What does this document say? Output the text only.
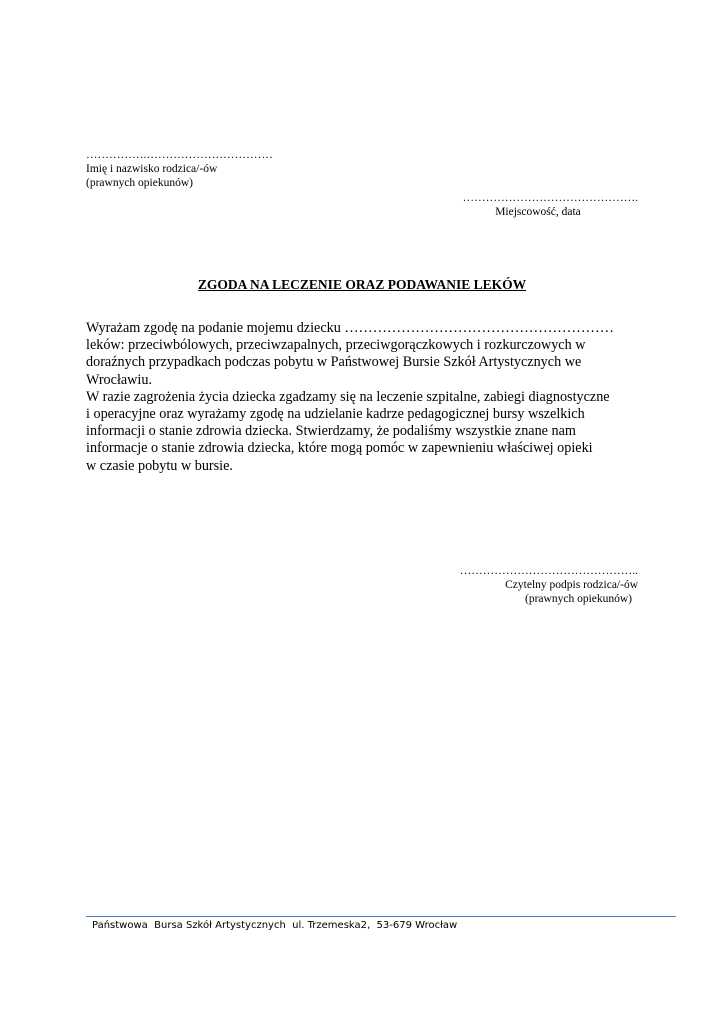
…………….……………………………
Imię i nazwisko rodzica/-ów
(prawnych opiekunów)
……………………………………….
Miejscowość, data
ZGODA NA LECZENIE ORAZ PODAWANIE LEKÓW

Wyrażam zgodę na podanie mojemu dziecku …………………………………………………

leków: przeciwbólowych, przeciwzapalnych, przeciwgorączkowych i rozkurczowych w

doraźnych przypadkach podczas pobytu w Państwowej Bursie Szkół Artystycznych we

Wrocławiu.

W razie zagrożenia życia dziecka zgadzamy się na leczenie szpitalne, zabiegi diagnostyczne

i operacyjne oraz wyrażamy zgodę na udzielanie kadrze pedagogicznej bursy wszelkich

informacji o stanie zdrowia dziecka. Stwierdzamy, że podaliśmy wszystkie znane nam

informacje o stanie zdrowia dziecka, które mogą pomóc w zapewnieniu właściwej opieki

w czasie pobytu w bursie.

………………………………………..
Czytelny podpis rodzica/-ów
(prawnych opiekunów)
Państwowa  Bursa Szkół Artystycznych  ul. Trzemeska2,  53-679 Wrocław
